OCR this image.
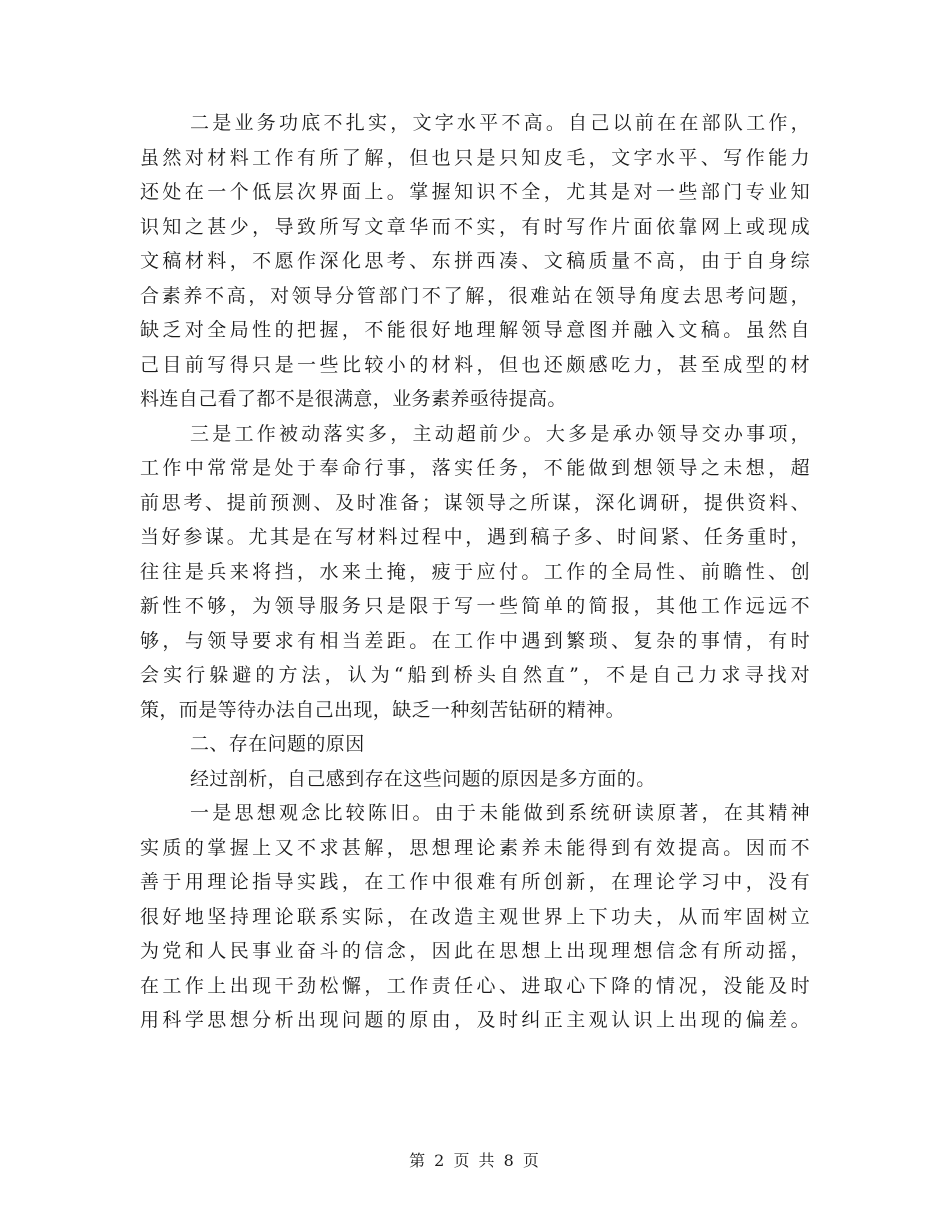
二是业务功底不扎实，文字水平不高。自己以前在在部队工作，
虽然对材料工作有所了解，但也只是只知皮毛，文字水平、写作能力
还处在一个低层次界面上。掌握知识不全，尤其是对一些部门专业知
识知之甚少，导致所写文章华而不实，有时写作片面依靠网上或现成
文稿材料，不愿作深化思考、东拼西凑、文稿质量不高，由于自身综
合素养不高，对领导分管部门不了解，很难站在领导角度去思考问题，
缺乏对全局性的把握，不能很好地理解领导意图并融入文稿。虽然自
己目前写得只是一些比较小的材料，但也还颇感吃力，甚至成型的材
料连自己看了都不是很满意，业务素养亟待提高。
三是工作被动落实多，主动超前少。大多是承办领导交办事项，
工作中常常是处于奉命行事，落实任务，不能做到想领导之未想，超
前思考、提前预测、及时准备；谋领导之所谋，深化调研，提供资料、
当好参谋。尤其是在写材料过程中，遇到稿子多、时间紧、任务重时，
往往是兵来将挡，水来土掩，疲于应付。工作的全局性、前瞻性、创
新性不够，为领导服务只是限于写一些简单的简报，其他工作远远不
够，与领导要求有相当差距。在工作中遇到繁琐、复杂的事情，有时
会实行躲避的方法，认为“船到桥头自然直”，不是自己力求寻找对
策，而是等待办法自己出现，缺乏一种刻苦钻研的精神。
二、存在问题的原因
经过剖析，自己感到存在这些问题的原因是多方面的。
一是思想观念比较陈旧。由于未能做到系统研读原著，在其精神
实质的掌握上又不求甚解，思想理论素养未能得到有效提高。因而不
善于用理论指导实践，在工作中很难有所创新，在理论学习中，没有
很好地坚持理论联系实际，在改造主观世界上下功夫，从而牢固树立
为党和人民事业奋斗的信念，因此在思想上出现理想信念有所动摇，
在工作上出现干劲松懈，工作责任心、进取心下降的情况，没能及时
用科学思想分析出现问题的原由，及时纠正主观认识上出现的偏差。
第 2 页 共 8 页
